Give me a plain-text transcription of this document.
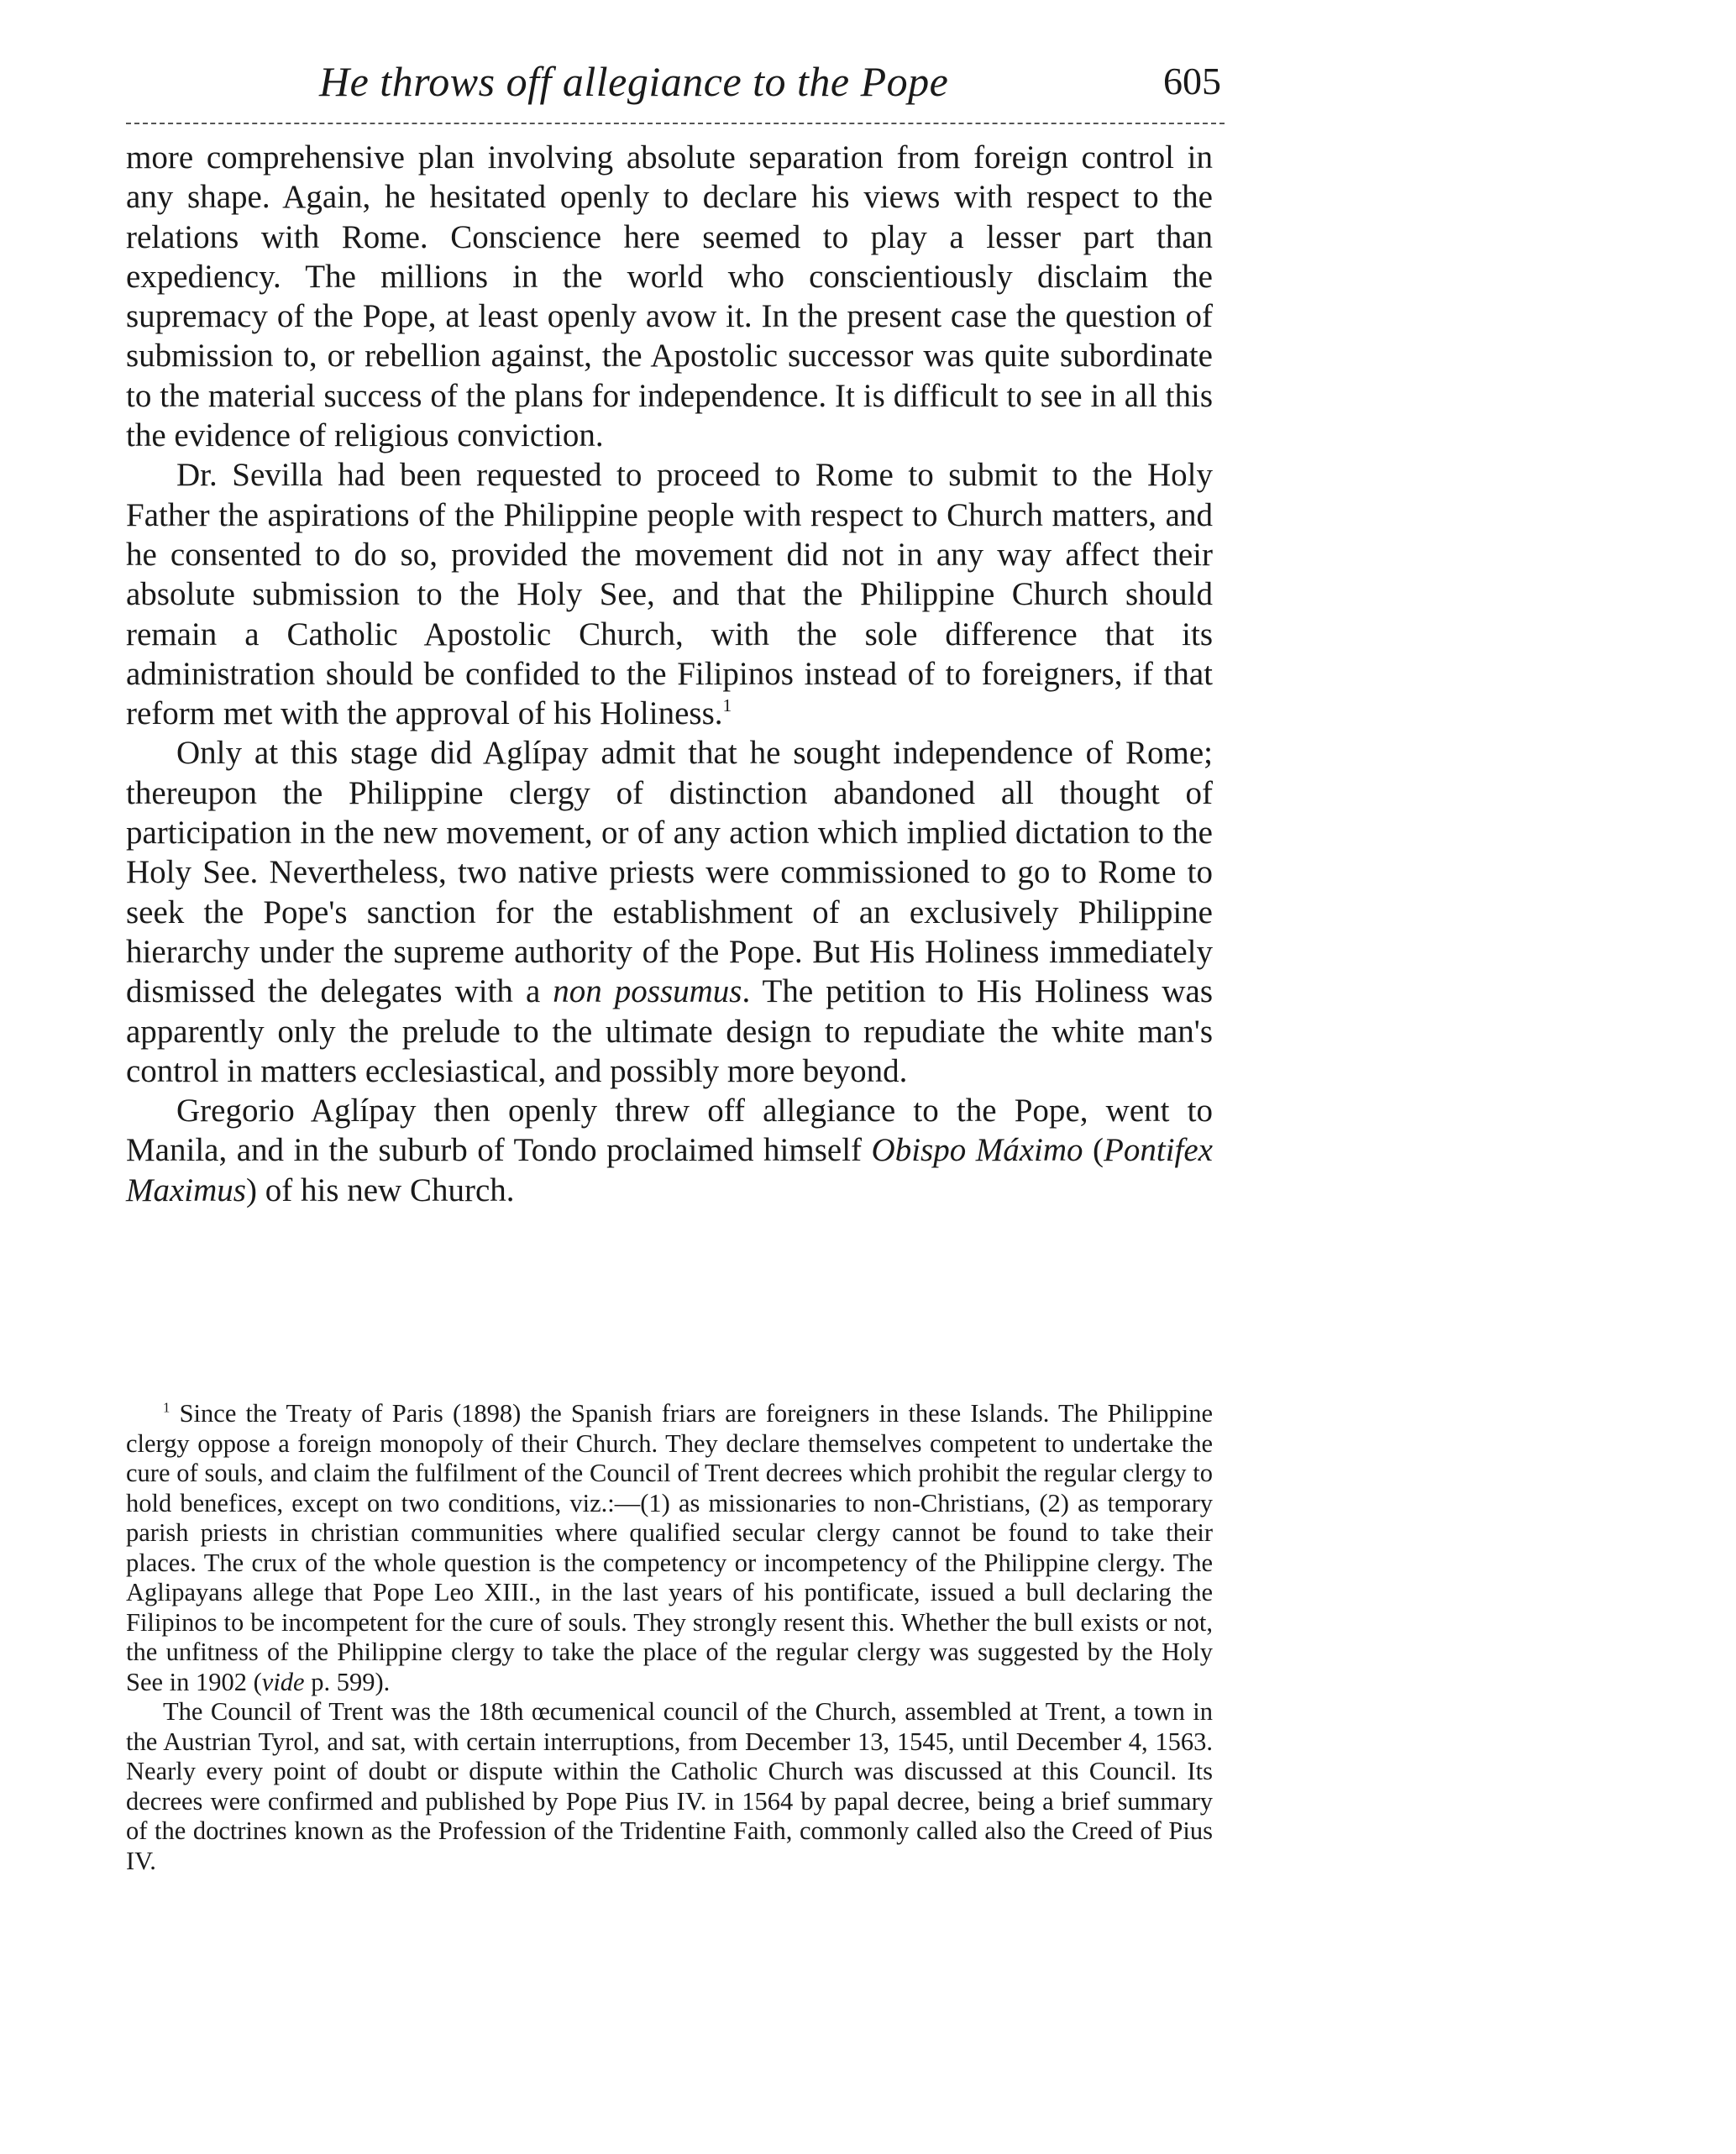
He throws off allegiance to the Pope	605

more comprehensive plan involving absolute separation from foreign control in any shape. Again, he hesitated openly to declare his views with respect to the relations with Rome. Conscience here seemed to play a lesser part than expediency. The millions in the world who conscientiously disclaim the supremacy of the Pope, at least openly avow it. In the present case the question of submission to, or rebellion against, the Apostolic successor was quite subordinate to the material success of the plans for independence. It is difficult to see in all this the evidence of religious conviction.

Dr. Sevilla had been requested to proceed to Rome to submit to the Holy Father the aspirations of the Philippine people with respect to Church matters, and he consented to do so, provided the movement did not in any way affect their absolute submission to the Holy See, and that the Philippine Church should remain a Catholic Apostolic Church, with the sole difference that its administration should be confided to the Filipinos instead of to foreigners, if that reform met with the approval of his Holiness.$^1$

Only at this stage did Aglípay admit that he sought independence of Rome; thereupon the Philippine clergy of distinction abandoned all thought of participation in the new movement, or of any action which implied dictation to the Holy See. Nevertheless, two native priests were commissioned to go to Rome to seek the Pope's sanction for the establishment of an exclusively Philippine hierarchy under the supreme authority of the Pope. But His Holiness immediately dismissed the delegates with a non possumus. The petition to His Holiness was apparently only the prelude to the ultimate design to repudiate the white man's control in matters ecclesiastical, and possibly more beyond.

Gregorio Aglípay then openly threw off allegiance to the Pope, went to Manila, and in the suburb of Tondo proclaimed himself Obispo Máximo (Pontifex Maximus) of his new Church.

$^1$ Since the Treaty of Paris (1898) the Spanish friars are foreigners in these Islands. The Philippine clergy oppose a foreign monopoly of their Church. They declare themselves competent to undertake the cure of souls, and claim the fulfilment of the Council of Trent decrees which prohibit the regular clergy to hold benefices, except on two conditions, viz.:—(1) as missionaries to non-Christians, (2) as temporary parish priests in christian communities where qualified secular clergy cannot be found to take their places. The crux of the whole question is the competency or incompetency of the Philippine clergy. The Aglipayans allege that Pope Leo XIII., in the last years of his pontificate, issued a bull declaring the Filipinos to be incompetent for the cure of souls. They strongly resent this. Whether the bull exists or not, the unfitness of the Philippine clergy to take the place of the regular clergy was suggested by the Holy See in 1902 (vide p. 599).

The Council of Trent was the 18th œcumenical council of the Church, assembled at Trent, a town in the Austrian Tyrol, and sat, with certain interruptions, from December 13, 1545, until December 4, 1563. Nearly every point of doubt or dispute within the Catholic Church was discussed at this Council. Its decrees were confirmed and published by Pope Pius IV. in 1564 by papal decree, being a brief summary of the doctrines known as the Profession of the Tridentine Faith, commonly called also the Creed of Pius IV.
